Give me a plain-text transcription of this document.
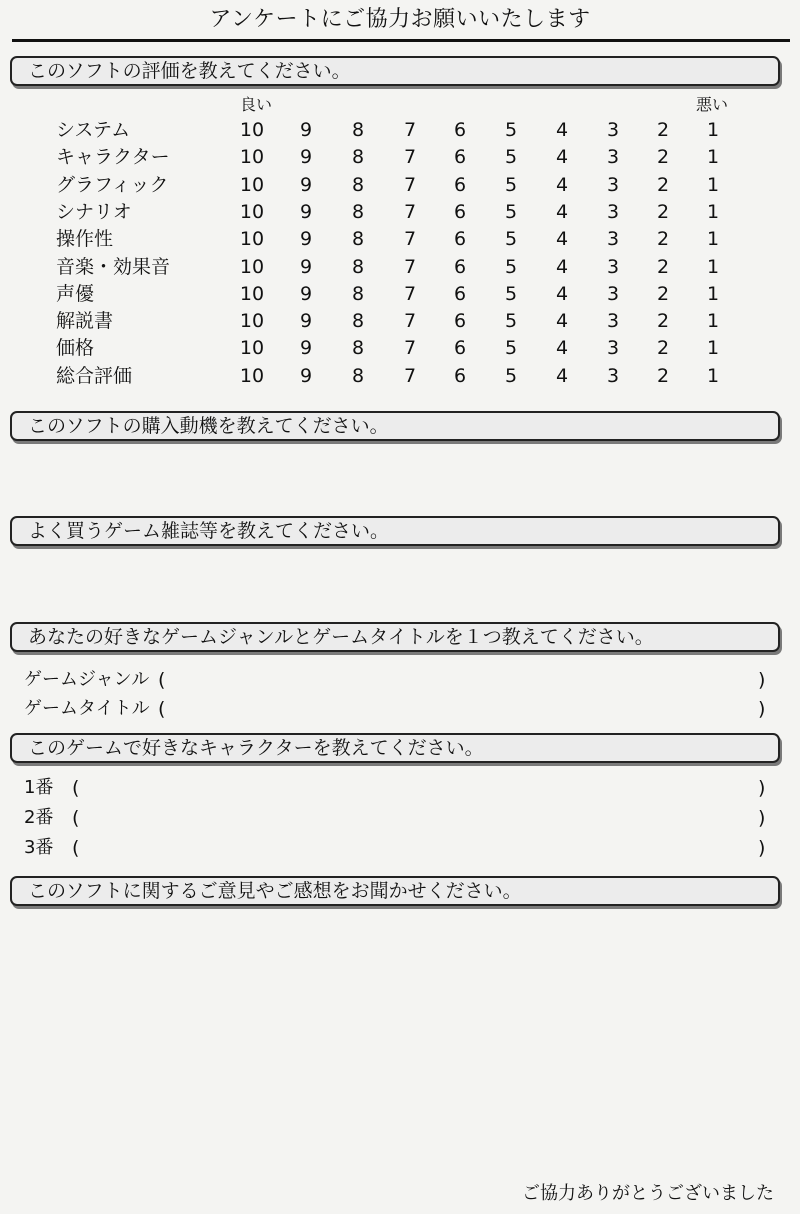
アンケートにご協力お願いいたします
このソフトの評価を教えてください。
良い	悪い
システム	10	9	8	7	6	5	4	3	2	1
キャラクター	10	9	8	7	6	5	4	3	2	1
グラフィック	10	9	8	7	6	5	4	3	2	1
シナリオ	10	9	8	7	6	5	4	3	2	1
操作性	10	9	8	7	6	5	4	3	2	1
音楽・効果音	10	9	8	7	6	5	4	3	2	1
声優	10	9	8	7	6	5	4	3	2	1
解説書	10	9	8	7	6	5	4	3	2	1
価格	10	9	8	7	6	5	4	3	2	1
総合評価	10	9	8	7	6	5	4	3	2	1
このソフトの購入動機を教えてください。
よく買うゲーム雑誌等を教えてください。
あなたの好きなゲームジャンルとゲームタイトルを１つ教えてください。
ゲームジャンル (	)
ゲームタイトル (	)
このゲームで好きなキャラクターを教えてください。
1番 (	)
2番 (	)
3番 (	)
このソフトに関するご意見やご感想をお聞かせください。
ご協力ありがとうございました
